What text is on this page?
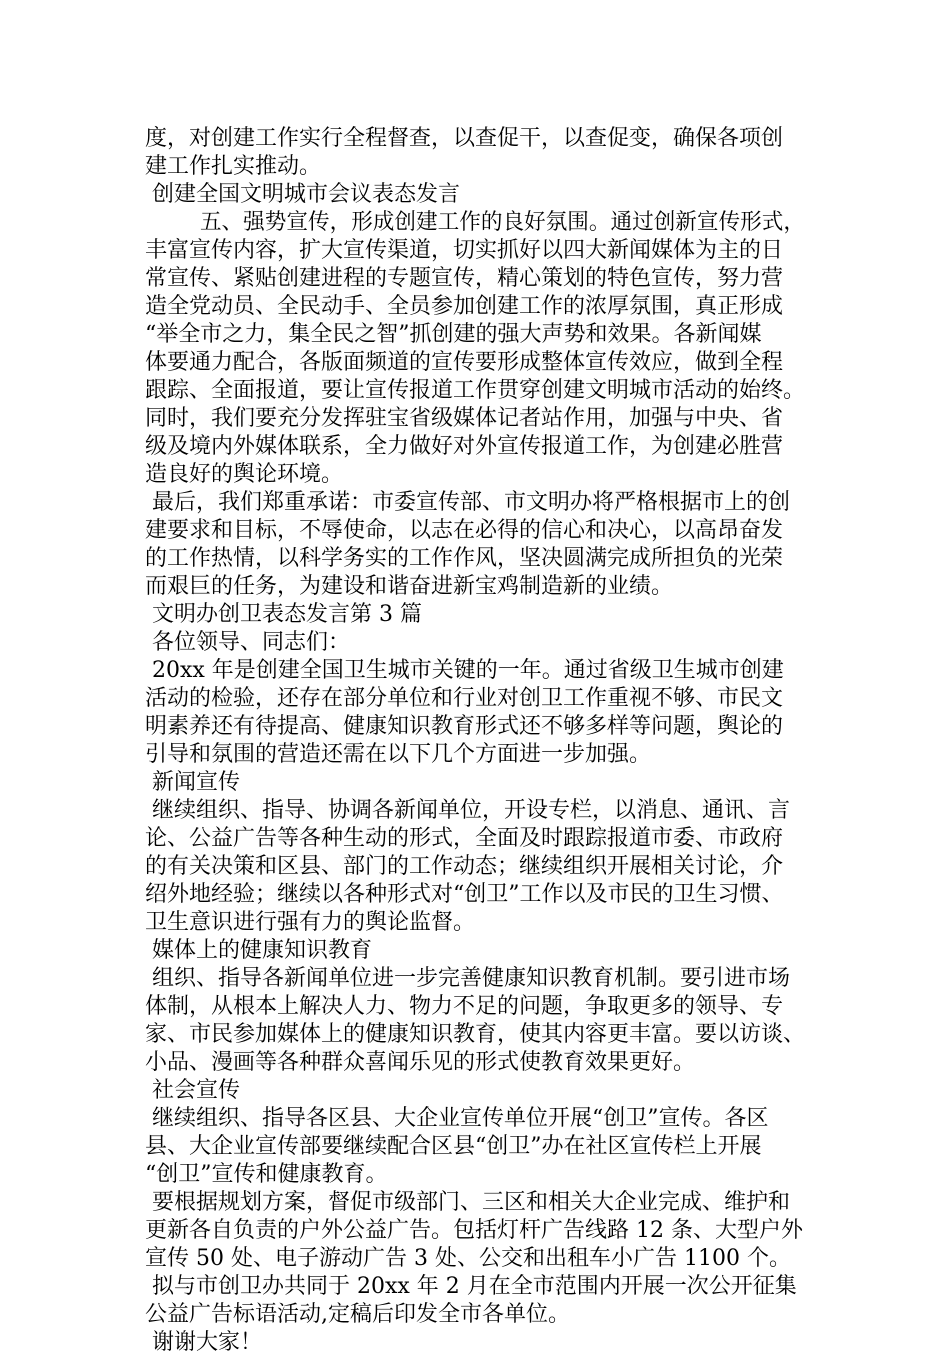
度，对创建工作实行全程督查，以查促干，以查促变，确保各项创

建工作扎实推动。

创建全国文明城市会议表态发言

五、强势宣传，形成创建工作的良好氛围。通过创新宣传形式，

丰富宣传内容，扩大宣传渠道，切实抓好以四大新闻媒体为主的日

常宣传、紧贴创建进程的专题宣传，精心策划的特色宣传，努力营

造全党动员、全民动手、全员参加创建工作的浓厚氛围，真正形成

“举全市之力，集全民之智”抓创建的强大声势和效果。各新闻媒

体要通力配合，各版面频道的宣传要形成整体宣传效应，做到全程

跟踪、全面报道，要让宣传报道工作贯穿创建文明城市活动的始终。

同时，我们要充分发挥驻宝省级媒体记者站作用，加强与中央、省

级及境内外媒体联系，全力做好对外宣传报道工作，为创建必胜营

造良好的舆论环境。

最后，我们郑重承诺：市委宣传部、市文明办将严格根据市上的创

建要求和目标，不辱使命，以志在必得的信心和决心，以高昂奋发

的工作热情，以科学务实的工作作风，坚决圆满完成所担负的光荣

而艰巨的任务，为建设和谐奋进新宝鸡制造新的业绩。

文明办创卫表态发言第 3 篇

各位领导、同志们：

20xx 年是创建全国卫生城市关键的一年。通过省级卫生城市创建

活动的检验，还存在部分单位和行业对创卫工作重视不够、市民文

明素养还有待提高、健康知识教育形式还不够多样等问题，舆论的

引导和氛围的营造还需在以下几个方面进一步加强。

新闻宣传

继续组织、指导、协调各新闻单位，开设专栏，以消息、通讯、言

论、公益广告等各种生动的形式，全面及时跟踪报道市委、市政府

的有关决策和区县、部门的工作动态；继续组织开展相关讨论，介

绍外地经验；继续以各种形式对“创卫”工作以及市民的卫生习惯、

卫生意识进行强有力的舆论监督。

媒体上的健康知识教育

组织、指导各新闻单位进一步完善健康知识教育机制。要引进市场

体制，从根本上解决人力、物力不足的问题，争取更多的领导、专

家、市民参加媒体上的健康知识教育，使其内容更丰富。要以访谈、

小品、漫画等各种群众喜闻乐见的形式使教育效果更好。

社会宣传

继续组织、指导各区县、大企业宣传单位开展“创卫”宣传。各区

县、大企业宣传部要继续配合区县“创卫”办在社区宣传栏上开展

“创卫”宣传和健康教育。

要根据规划方案，督促市级部门、三区和相关大企业完成、维护和

更新各自负责的户外公益广告。包括灯杆广告线路 12 条、大型户外

宣传 50 处、电子游动广告 3 处、公交和出租车小广告 1100 个。

拟与市创卫办共同于 20xx 年 2 月在全市范围内开展一次公开征集

公益广告标语活动,定稿后印发全市各单位。

谢谢大家！
